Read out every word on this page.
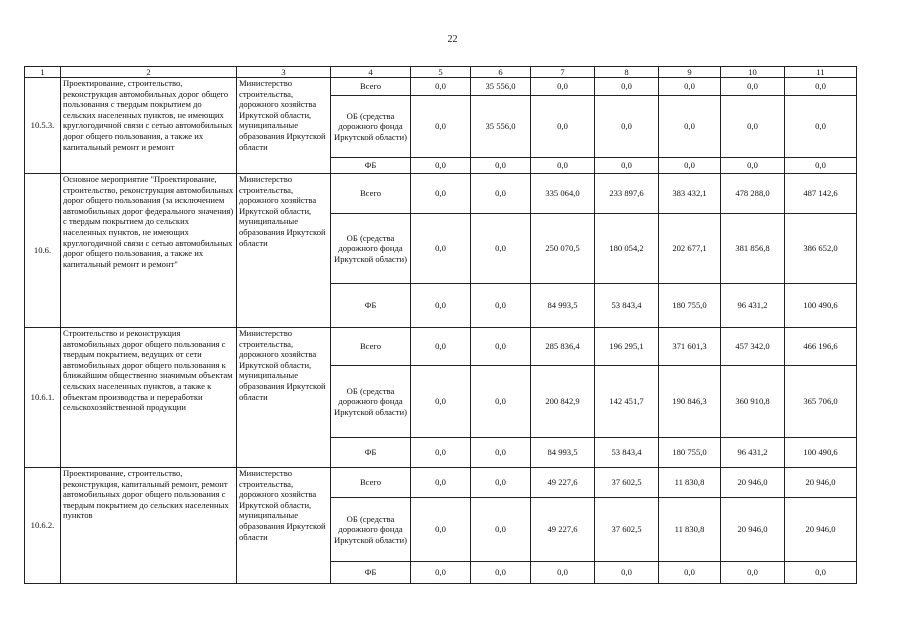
22
1	2	3	4	5	6	7	8	9	10	11
10.5.3.	Проектирование, строительство, реконструкция автомобильных дорог общего пользования с твердым покрытием до сельских населенных пунктов, не имеющих круглогодичной связи с сетью автомобильных дорог общего пользования, а также их капитальный ремонт и ремонт	Министерство строительства, дорожного хозяйства Иркутской области, муниципальные образования Иркутской области	Всего	0,0	35 556,0	0,0	0,0	0,0	0,0	0,0
			ОБ (средства дорожного фонда Иркутской области)	0,0	35 556,0	0,0	0,0	0,0	0,0	0,0
			ФБ	0,0	0,0	0,0	0,0	0,0	0,0	0,0
10.6.	Основное мероприятие "Проектирование, строительство, реконструкция автомобильных дорог общего пользования (за исключением автомобильных дорог федерального значения) с твердым покрытием до сельских населенных пунктов, не имеющих круглогодичной связи с сетью автомобильных дорог общего пользования, а также их капитальный ремонт и ремонт"	Министерство строительства, дорожного хозяйства Иркутской области, муниципальные образования Иркутской области	Всего	0,0	0,0	335 064,0	233 897,6	383 432,1	478 288,0	487 142,6
			ОБ (средства дорожного фонда Иркутской области)	0,0	0,0	250 070,5	180 054,2	202 677,1	381 856,8	386 652,0
			ФБ	0,0	0,0	84 993,5	53 843,4	180 755,0	96 431,2	100 490,6
10.6.1.	Строительство и реконструкция автомобильных дорог общего пользования с твердым покрытием, ведущих от сети автомобильных дорог общего пользования к ближайшим общественно значимым объектам сельских населенных пунктов, а также к объектам производства и переработки сельскохозяйственной продукции	Министерство строительства, дорожного хозяйства Иркутской области, муниципальные образования Иркутской области	Всего	0,0	0,0	285 836,4	196 295,1	371 601,3	457 342,0	466 196,6
			ОБ (средства дорожного фонда Иркутской области)	0,0	0,0	200 842,9	142 451,7	190 846,3	360 910,8	365 706,0
			ФБ	0,0	0,0	84 993,5	53 843,4	180 755,0	96 431,2	100 490,6
10.6.2.	Проектирование, строительство, реконструкция, капитальный ремонт, ремонт автомобильных дорог общего пользования с твердым покрытием до сельских населенных пунктов	Министерство строительства, дорожного хозяйства Иркутской области, муниципальные образования Иркутской области	Всего	0,0	0,0	49 227,6	37 602,5	11 830,8	20 946,0	20 946,0
			ОБ (средства дорожного фонда Иркутской области)	0,0	0,0	49 227,6	37 602,5	11 830,8	20 946,0	20 946,0
			ФБ	0,0	0,0	0,0	0,0	0,0	0,0	0,0
